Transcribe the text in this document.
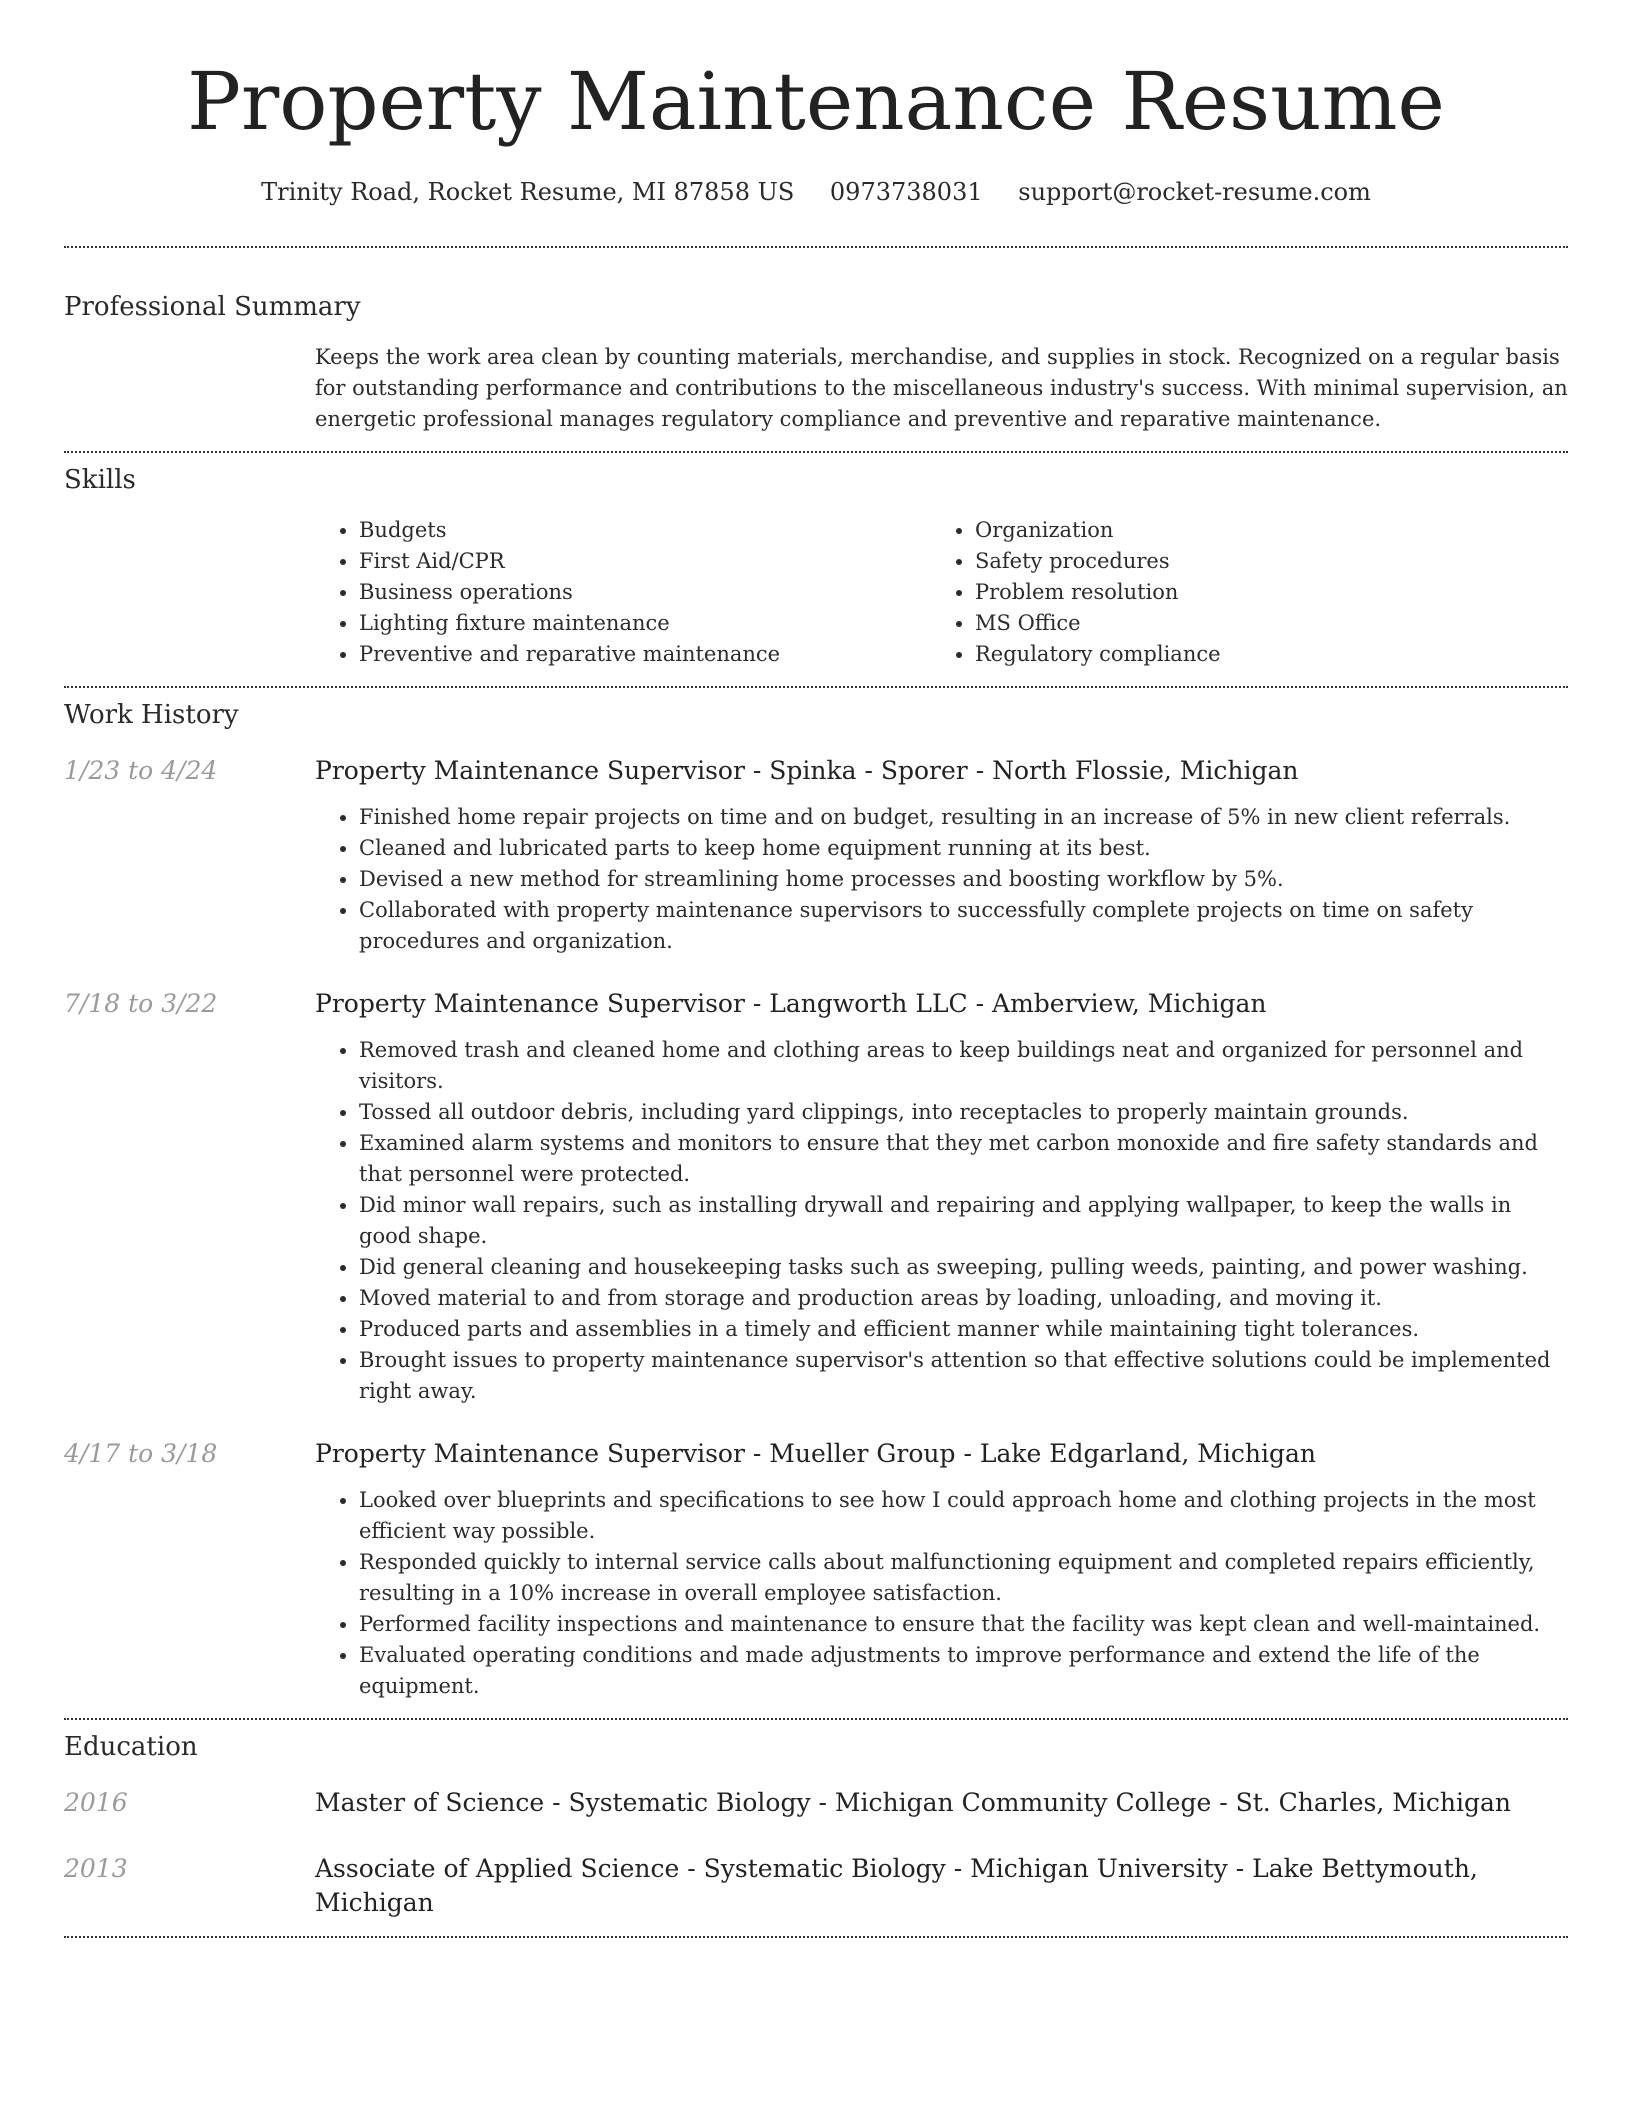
Property Maintenance Resume
Trinity Road, Rocket Resume, MI 87858 US 0973738031 support@rocket-resume.com
Professional Summary

Keeps the work area clean by counting materials, merchandise, and supplies in stock. Recognized on a regular basis for outstanding performance and contributions to the miscellaneous industry's success. With minimal supervision, an energetic professional manages regulatory compliance and preventive and reparative maintenance.

Skills
• Budgets
• First Aid/CPR
• Business operations
• Lighting fixture maintenance
• Preventive and reparative maintenance
• Organization
• Safety procedures
• Problem resolution
• MS Office
• Regulatory compliance
Work History
1/23 to 4/24	Property Maintenance Supervisor - Spinka - Sporer - North Flossie, Michigan
• Finished home repair projects on time and on budget, resulting in an increase of 5% in new client referrals.
• Cleaned and lubricated parts to keep home equipment running at its best.
• Devised a new method for streamlining home processes and boosting workflow by 5%.
• Collaborated with property maintenance supervisors to successfully complete projects on time on safety procedures and organization.
7/18 to 3/22	Property Maintenance Supervisor - Langworth LLC - Amberview, Michigan
• Removed trash and cleaned home and clothing areas to keep buildings neat and organized for personnel and visitors.
• Tossed all outdoor debris, including yard clippings, into receptacles to properly maintain grounds.
• Examined alarm systems and monitors to ensure that they met carbon monoxide and fire safety standards and that personnel were protected.
• Did minor wall repairs, such as installing drywall and repairing and applying wallpaper, to keep the walls in good shape.
• Did general cleaning and housekeeping tasks such as sweeping, pulling weeds, painting, and power washing.
• Moved material to and from storage and production areas by loading, unloading, and moving it.
• Produced parts and assemblies in a timely and efficient manner while maintaining tight tolerances.
• Brought issues to property maintenance supervisor's attention so that effective solutions could be implemented right away.
4/17 to 3/18	Property Maintenance Supervisor - Mueller Group - Lake Edgarland, Michigan
• Looked over blueprints and specifications to see how I could approach home and clothing projects in the most efficient way possible.
• Responded quickly to internal service calls about malfunctioning equipment and completed repairs efficiently, resulting in a 10% increase in overall employee satisfaction.
• Performed facility inspections and maintenance to ensure that the facility was kept clean and well-maintained.
• Evaluated operating conditions and made adjustments to improve performance and extend the life of the equipment.
Education
2016	Master of Science - Systematic Biology - Michigan Community College - St. Charles, Michigan
2013	Associate of Applied Science - Systematic Biology - Michigan University - Lake Bettymouth, Michigan
